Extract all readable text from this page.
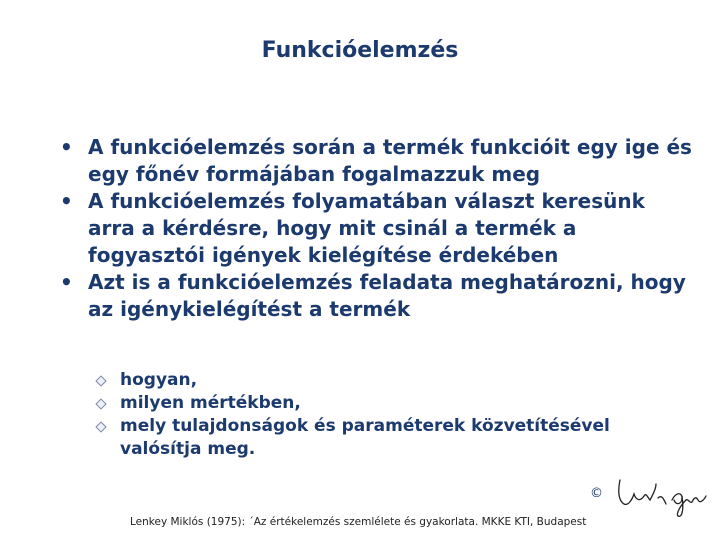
Funkcióelemzés
• A funkcióelemzés során a termék funkcióit egy ige és egy főnév formájában fogalmazzuk meg
• A funkcióelemzés folyamatában választ keresünk arra a kérdésre, hogy mit csinál a termék a fogyasztói igények kielégítése érdekében
• Azt is a funkcióelemzés feladata meghatározni, hogy az igénykielégítést a termék
hogyan,
milyen mértékben,
mely tulajdonságok és paraméterek közvetítésével valósítja meg.
©
Lenkey Miklós (1975): ´Az értékelemzés szemlélete és gyakorlata. MKKE KTI, Budapest
